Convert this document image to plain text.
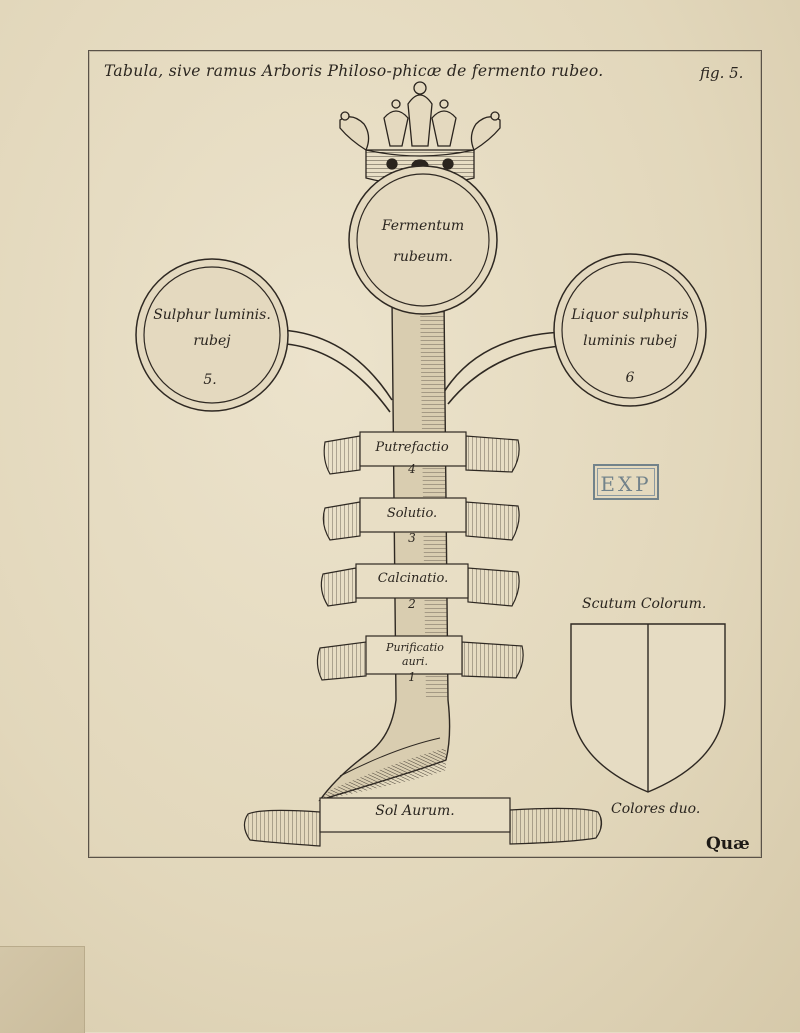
Tabula, sive ramus Arboris Philoso-phicæ de fermento rubeo.	fig. 5.
Fermentum
rubeum.
Sulphur luminis.
rubej
5.
Liquor sulphuris
luminis rubej
6
Putrefactio
4
Solutio.
3
Calcinatio.
2
Purificatio
auri.
1
Sol Aurum.
Scutum Colorum.
Colores duo.
EXP
Quæ
